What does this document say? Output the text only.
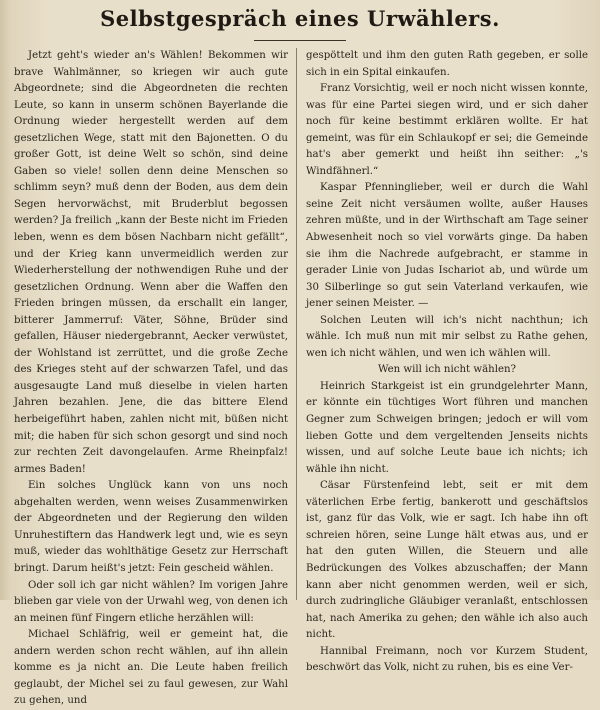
Selbstgespräch eines Urwählers.

Jetzt geht's wieder an's Wählen! Bekommen wir brave Wahlmänner, so kriegen wir auch gute Abgeordnete; sind die Abgeordneten die rechten Leute, so kann in unserm schönen Bayerlande die Ordnung wieder hergestellt werden auf dem gesetzlichen Wege, statt mit den Bajonetten. O du großer Gott, ist deine Welt so schön, sind deine Gaben so viele! sollen denn deine Menschen so schlimm seyn? muß denn der Boden, aus dem dein Segen hervorwächst, mit Bruderblut begossen werden? Ja freilich „kann der Beste nicht im Frieden leben, wenn es dem bösen Nachbarn nicht gefällt“, und der Krieg kann unvermeidlich werden zur Wiederherstellung der nothwendigen Ruhe und der gesetzlichen Ordnung. Wenn aber die Waffen den Frieden bringen müssen, da erschallt ein langer, bitterer Jammerruf: Väter, Söhne, Brüder sind gefallen, Häuser niedergebrannt, Aecker verwüstet, der Wohlstand ist zerrüttet, und die große Zeche des Krieges steht auf der schwarzen Tafel, und das ausgesaugte Land muß dieselbe in vielen harten Jahren bezahlen. Jene, die das bittere Elend herbeigeführt haben, zahlen nicht mit, büßen nicht mit; die haben für sich schon gesorgt und sind noch zur rechten Zeit davongelaufen. Arme Rheinpfalz! armes Baden!

Ein solches Unglück kann von uns noch abgehalten werden, wenn weises Zusammenwirken der Abgeordneten und der Regierung den wilden Unruhestiftern das Handwerk legt und, wie es seyn muß, wieder das wohlthätige Gesetz zur Herrschaft bringt. Darum heißt's jetzt: Fein gescheid wählen.

Oder soll ich gar nicht wählen? Im vorigen Jahre blieben gar viele von der Urwahl weg, von denen ich an meinen fünf Fingern etliche herzählen will:

Michael Schläfrig, weil er gemeint hat, die andern werden schon recht wählen, auf ihn allein komme es ja nicht an. Die Leute haben freilich geglaubt, der Michel sei zu faul gewesen, zur Wahl zu gehen, und

gespöttelt und ihm den guten Rath gegeben, er solle sich in ein Spital einkaufen.

Franz Vorsichtig, weil er noch nicht wissen konnte, was für eine Partei siegen wird, und er sich daher noch für keine bestimmt erklären wollte. Er hat gemeint, was für ein Schlaukopf er sei; die Gemeinde hat's aber gemerkt und heißt ihn seither: „'s Windfähnerl.“

Kaspar Pfenninglieber, weil er durch die Wahl seine Zeit nicht versäumen wollte, außer Hauses zehren müßte, und in der Wirthschaft am Tage seiner Abwesenheit noch so viel vorwärts ginge. Da haben sie ihm die Nachrede aufgebracht, er stamme in gerader Linie von Judas Ischariot ab, und würde um 30 Silberlinge so gut sein Vaterland verkaufen, wie jener seinen Meister. —

Solchen Leuten will ich's nicht nachthun; ich wähle. Ich muß nun mit mir selbst zu Rathe gehen, wen ich nicht wählen, und wen ich wählen will.

Wen will ich nicht wählen?

Heinrich Starkgeist ist ein grundgelehrter Mann, er könnte ein tüchtiges Wort führen und manchen Gegner zum Schweigen bringen; jedoch er will vom lieben Gotte und dem vergeltenden Jenseits nichts wissen, und auf solche Leute baue ich nichts; ich wähle ihn nicht.

Cäsar Fürstenfeind lebt, seit er mit dem väterlichen Erbe fertig, bankerott und geschäftslos ist, ganz für das Volk, wie er sagt. Ich habe ihn oft schreien hören, seine Lunge hält etwas aus, und er hat den guten Willen, die Steuern und alle Bedrückungen des Volkes abzuschaffen; der Mann kann aber nicht genommen werden, weil er sich, durch zudringliche Gläubiger veranlaßt, entschlossen hat, nach Amerika zu gehen; den wähle ich also auch nicht.

Hannibal Freimann, noch vor Kurzem Student, beschwört das Volk, nicht zu ruhen, bis es eine Ver-
